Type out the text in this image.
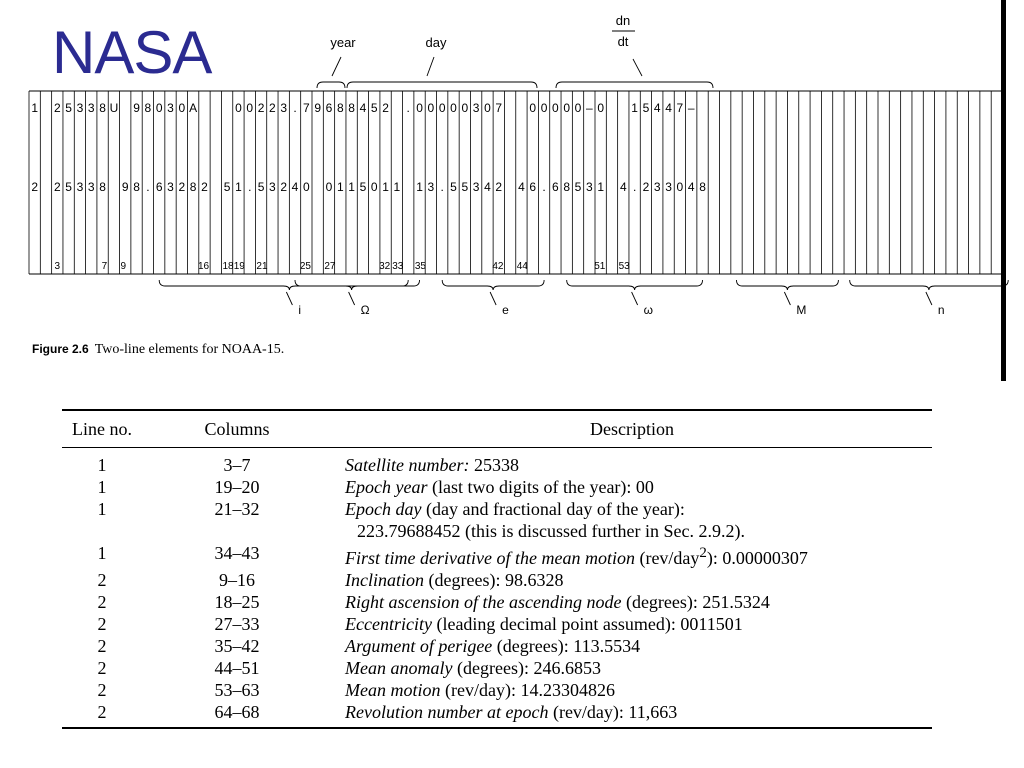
NASA
1 2 5 3 3 8 U 9 8 0 3 0 A	0 0 2 2 3 . 7 9 6 8 8 4 5 2 . 0 0 0 0 0 3 0 7 0 0 0 0 0 – 0 1 5 4 4 7 –
2 2 5 3 3 8 9 8 . 6 3 2 8 2 5 1 . 5 3 2 4 0 0 1 1 5 0 1 1 1 3 . 5 5 3 4 2 4 6 . 6 8 5 3 1 4 . 2 3 3 0 4 8
3	7 9	16 18 19 21	25 27	32 33 35	42 44	51 53
i	Ω	e	ω	M	n
year	day
dn
dt
Figure 2.6 Two-line elements for NOAA-15.
Line no.	Columns	Description
1	3–7	Satellite number: 25338
1	19–20	Epoch year (last two digits of the year): 00
1	21–32	Epoch day (day and fractional day of the year):
223.79688452 (this is discussed further in Sec. 2.9.2).
1	34–43	First time derivative of the mean motion (rev/day$^2$): 0.00000307
2	9–16	Inclination (degrees): 98.6328
2	18–25	Right ascension of the ascending node (degrees): 251.5324
2	27–33	Eccentricity (leading decimal point assumed): 0011501
2	35–42	Argument of perigee (degrees): 113.5534
2	44–51	Mean anomaly (degrees): 246.6853
2	53–63	Mean motion (rev/day): 14.23304826
2	64–68	Revolution number at epoch (rev/day): 11,663
